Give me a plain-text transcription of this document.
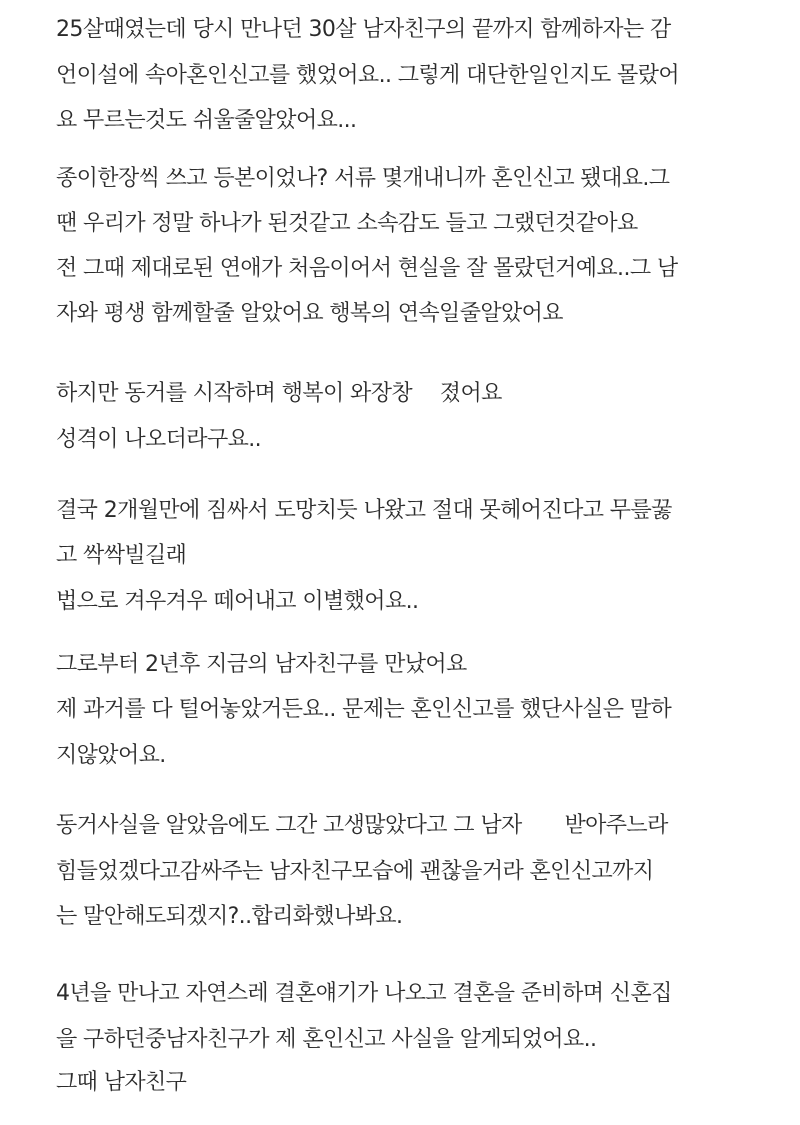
25살때였는데 당시 만나던 30살 남자친구의 끝까지 함께하자는 감
언이설에 속아혼인신고를 했었어요.. 그렇게 대단한일인지도 몰랐어
요 무르는것도 쉬울줄알았어요...
종이한장씩 쓰고 등본이었나? 서류 몇개내니까 혼인신고 됐대요.그
땐 우리가 정말 하나가 된것같고 소속감도 들고 그랬던것같아요
전 그때 제대로된 연애가 처음이어서 현실을 잘 몰랐던거예요..그 남
자와 평생 함께할줄 알았어요 행복의 연속일줄알았어요
하지만 동거를 시작하며 행복이 와장창　 졌어요
성격이 나오더라구요..
결국 2개월만에 짐싸서 도망치듯 나왔고 절대 못헤어진다고 무릎꿇
고 싹싹빌길래
법으로 겨우겨우 떼어내고 이별했어요..
그로부터 2년후 지금의 남자친구를 만났어요
제 과거를 다 털어놓았거든요.. 문제는 혼인신고를 했단사실은 말하
지않았어요.
동거사실을 알았음에도 그간 고생많았다고 그 남자　　받아주느라
힘들었겠다고감싸주는 남자친구모습에 괜찮을거라 혼인신고까지
는 말안해도되겠지?..합리화했나봐요.
4년을 만나고 자연스레 결혼얘기가 나오고 결혼을 준비하며 신혼집
을 구하던중남자친구가 제 혼인신고 사실을 알게되었어요..
그때 남자친구
